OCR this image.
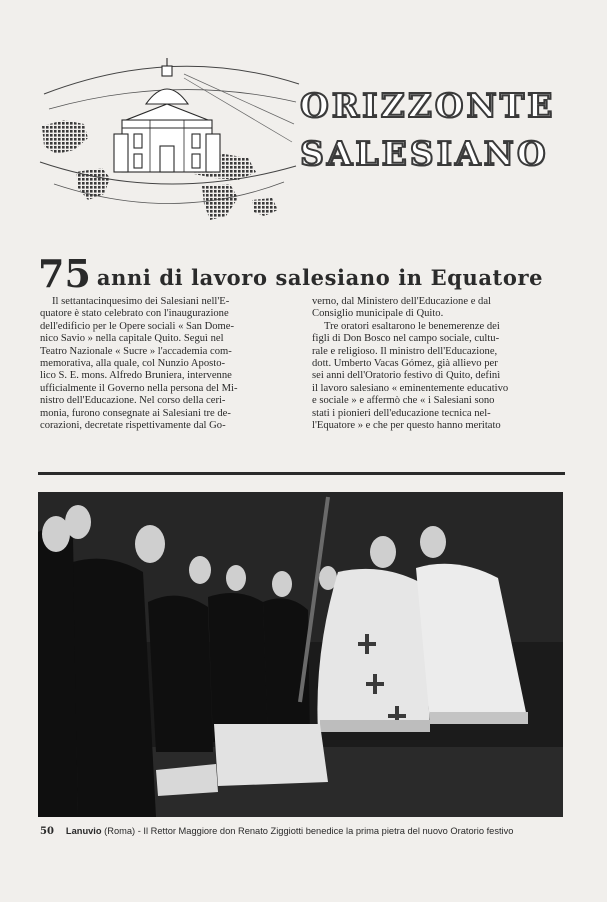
ORIZZONTE
SALESIANO
75 anni di lavoro salesiano in Equatore
Il settantacinquesimo dei Salesiani nell'E-
quatore è stato celebrato con l'inaugurazione
dell'edificio per le Opere sociali « San Dome-
nico Savio » nella capitale Quito. Seguì nel
Teatro Nazionale « Sucre » l'accademia com-
memorativa, alla quale, col Nunzio Aposto-
lico S. E. mons. Alfredo Bruniera, intervenne
ufficialmente il Governo nella persona del Mi-
nistro dell'Educazione. Nel corso della ceri-
monia, furono consegnate ai Salesiani tre de-
corazioni, decretate rispettivamente dal Go-
verno, dal Ministero dell'Educazione e dal
Consiglio municipale di Quito.
Tre oratori esaltarono le benemerenze dei
figli di Don Bosco nel campo sociale, cultu-
rale e religioso. Il ministro dell'Educazione,
dott. Umberto Vacas Gómez, già allievo per
sei anni dell'Oratorio festivo di Quito, definì
il lavoro salesiano « eminentemente educativo
e sociale » e affermò che « i Salesiani sono
stati i pionieri dell'educazione tecnica nel-
l'Equatore » e che per questo hanno meritato
50 Lanuvio (Roma) - Il Rettor Maggiore don Renato Ziggiotti benedice la prima pietra del nuovo Oratorio festivo
